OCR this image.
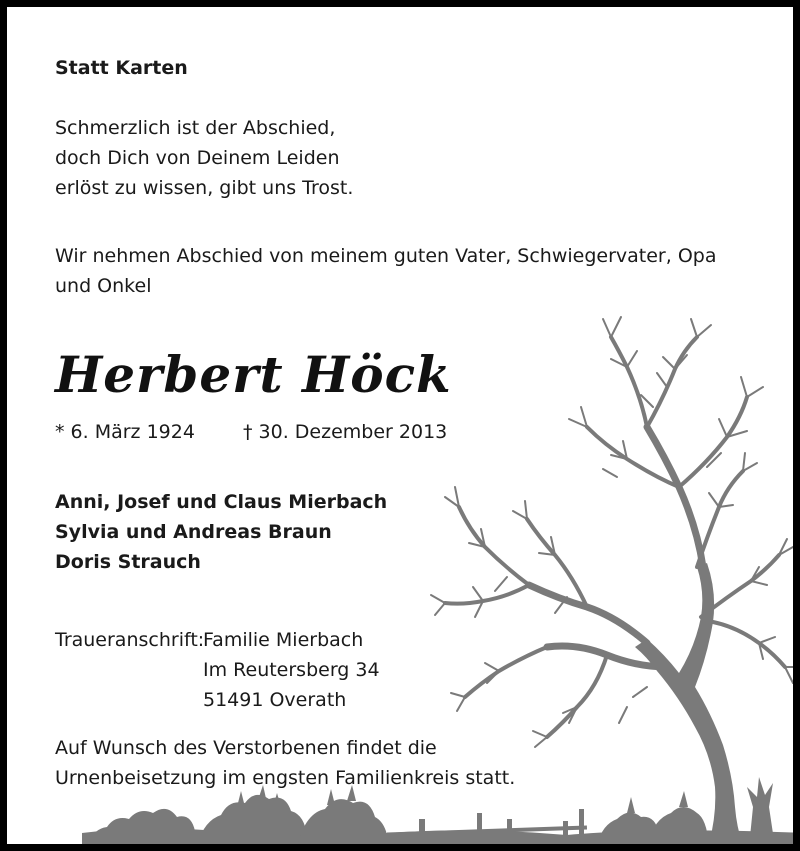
Statt Karten
Schmerzlich ist der Abschied,
doch Dich von Deinem Leiden
erlöst zu wissen, gibt uns Trost.
Wir nehmen Abschied von meinem guten Vater, Schwiegervater, Opa
und Onkel
Herbert Höck
* 6. März 1924	† 30. Dezember 2013
Anni, Josef und Claus Mierbach
Sylvia und Andreas Braun
Doris Strauch
Traueranschrift:
Familie Mierbach
Im Reutersberg 34
51491 Overath
Auf Wunsch des Verstorbenen findet die
Urnenbeisetzung im engsten Familienkreis statt.
